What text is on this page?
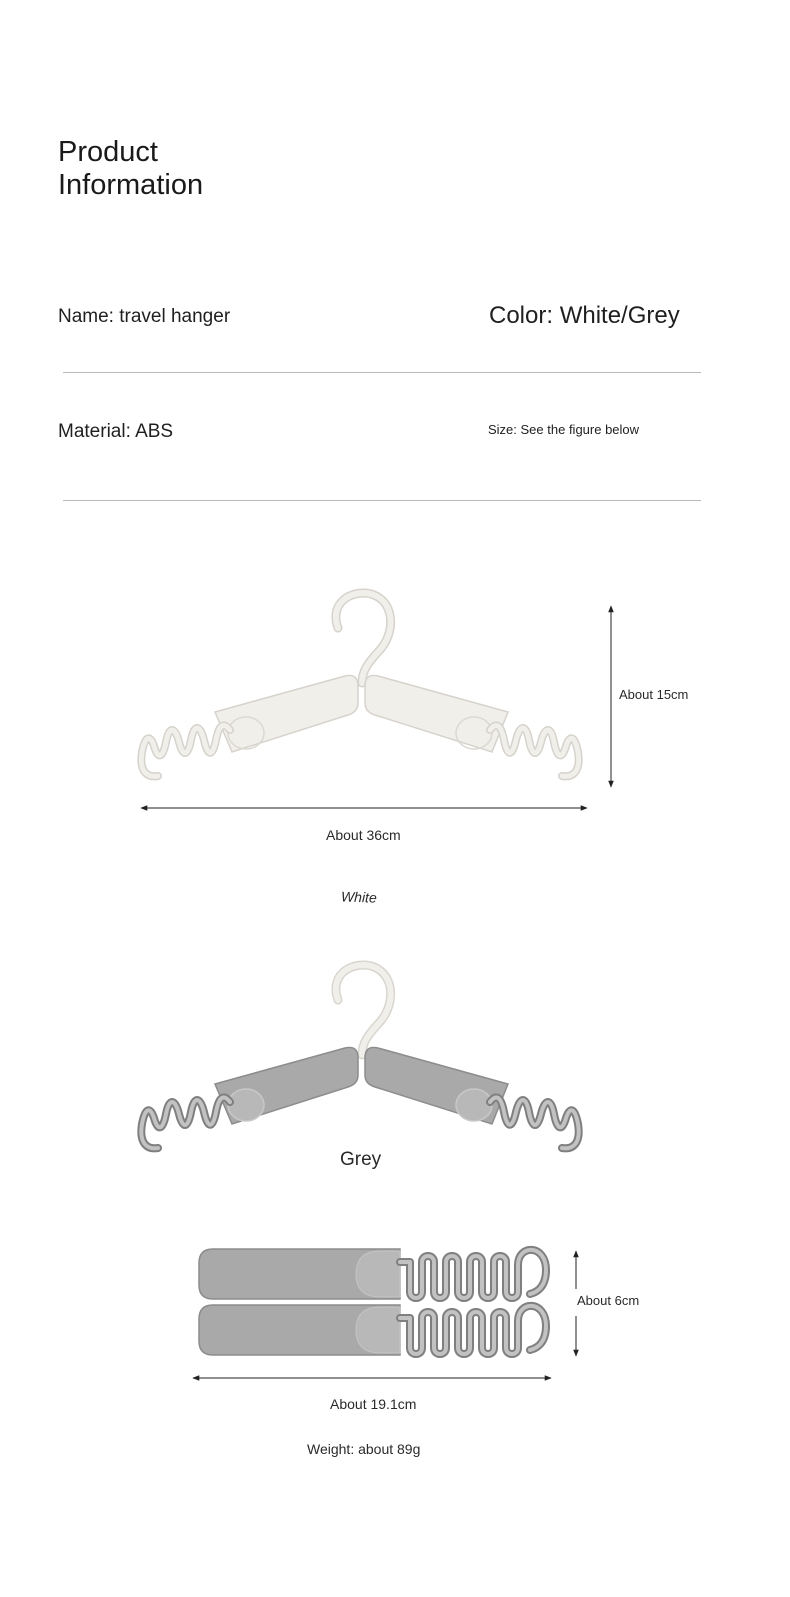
Product
Information
Name: travel hanger	Color: White/Grey
Material: ABS	Size: See the figure below
About 15cm
About 36cm
White
Grey
About 6cm
About 19.1cm
Weight: about 89g
